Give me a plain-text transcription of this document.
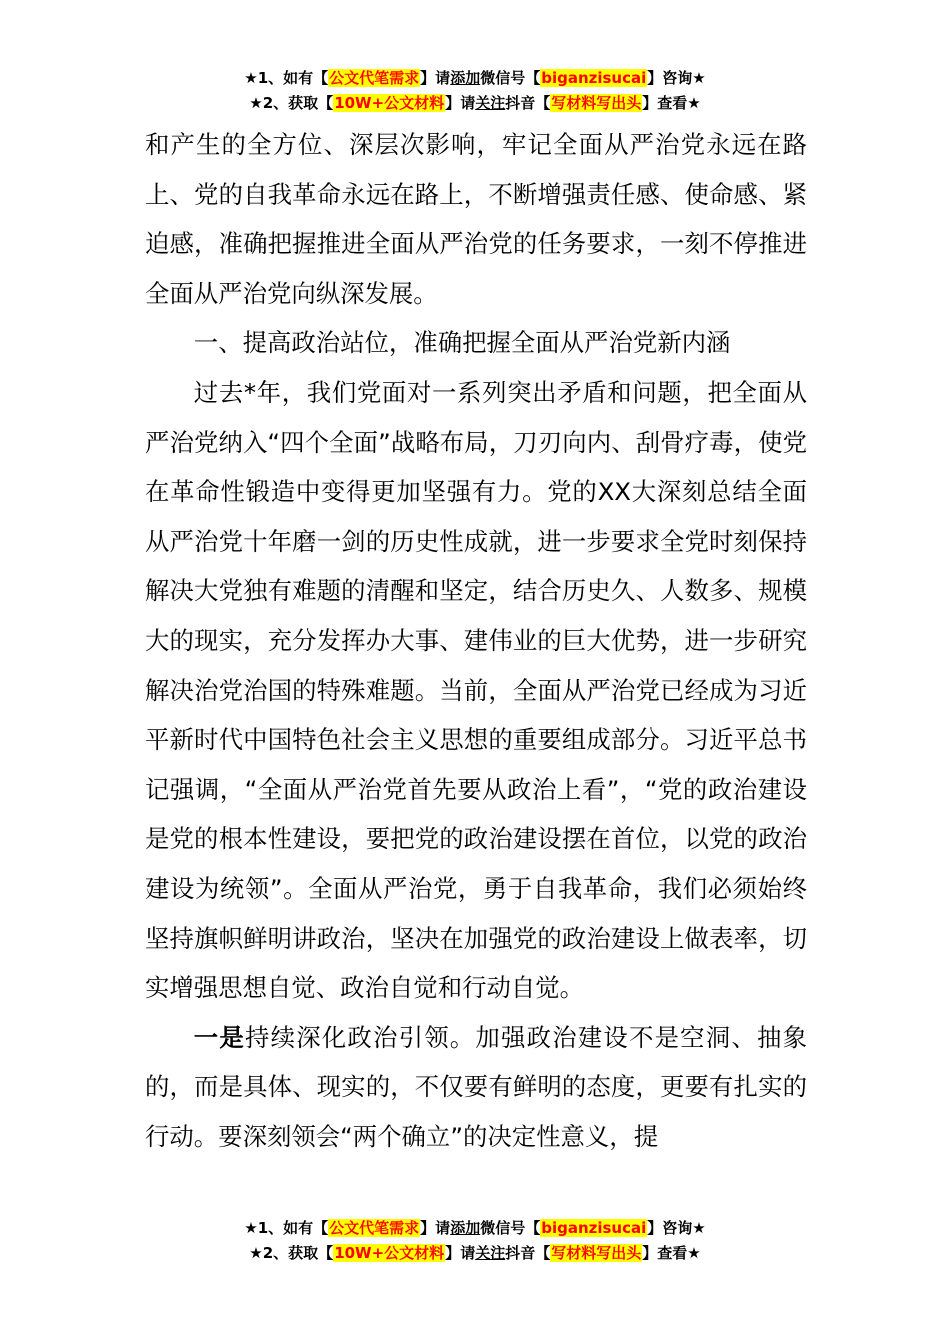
★1、如有【公文代笔需求】请添加微信号【biganzisucai】咨询★
★2、获取【10W+公文材料】请关注抖音【写材料写出头】查看★

和产生的全方位、深层次影响，牢记全面从严治党永远在路上、党的自我革命永远在路上，不断增强责任感、使命感、紧迫感，准确把握推进全面从严治党的任务要求，一刻不停推进全面从严治党向纵深发展。

一、提高政治站位，准确把握全面从严治党新内涵

过去*年，我们党面对一系列突出矛盾和问题，把全面从严治党纳入“四个全面”战略布局，刀刃向内、刮骨疗毒，使党在革命性锻造中变得更加坚强有力。党的XX大深刻总结全面从严治党十年磨一剑的历史性成就，进一步要求全党时刻保持解决大党独有难题的清醒和坚定，结合历史久、人数多、规模大的现实，充分发挥办大事、建伟业的巨大优势，进一步研究解决治党治国的特殊难题。当前，全面从严治党已经成为习近平新时代中国特色社会主义思想的重要组成部分。习近平总书记强调，“全面从严治党首先要从政治上看”，“党的政治建设是党的根本性建设，要把党的政治建设摆在首位，以党的政治建设为统领”。全面从严治党，勇于自我革命，我们必须始终坚持旗帜鲜明讲政治，坚决在加强党的政治建设上做表率，切实增强思想自觉、政治自觉和行动自觉。

一是持续深化政治引领。加强政治建设不是空洞、抽象的，而是具体、现实的，不仅要有鲜明的态度，更要有扎实的行动。要深刻领会“两个确立”的决定性意义，提

★1、如有【公文代笔需求】请添加微信号【biganzisucai】咨询★
★2、获取【10W+公文材料】请关注抖音【写材料写出头】查看★
